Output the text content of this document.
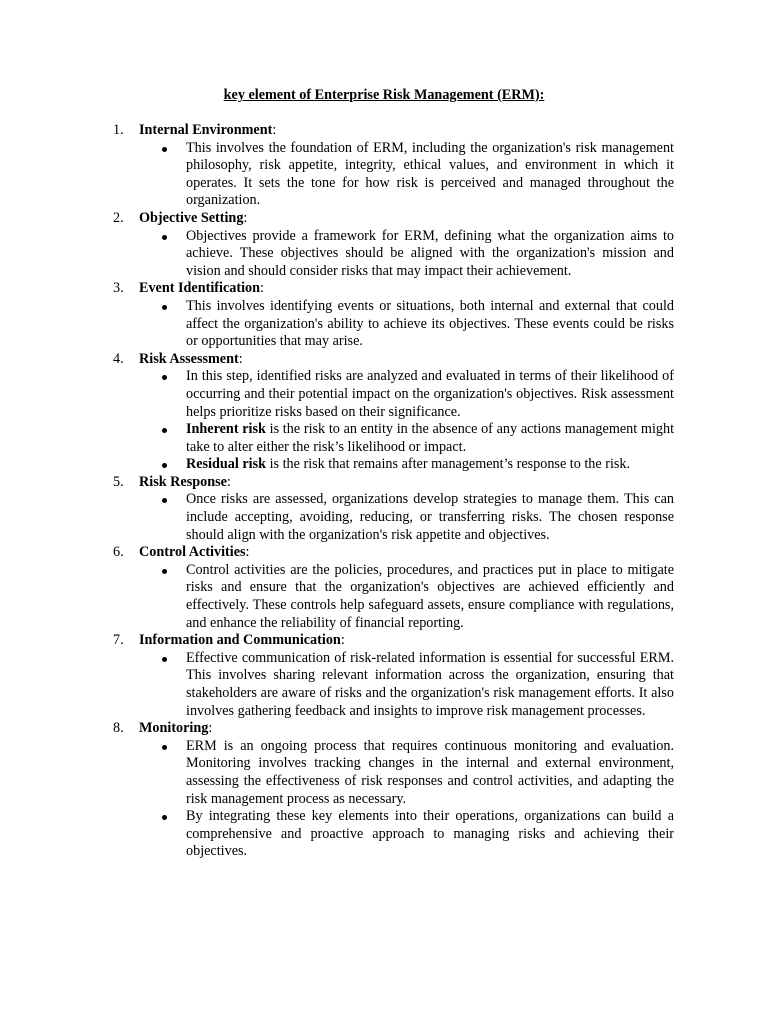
key element of Enterprise Risk Management (ERM):
1. Internal Environment:
This involves the foundation of ERM, including the organization's risk management philosophy, risk appetite, integrity, ethical values, and environment in which it operates. It sets the tone for how risk is perceived and managed throughout the organization.
2. Objective Setting:
Objectives provide a framework for ERM, defining what the organization aims to achieve. These objectives should be aligned with the organization's mission and vision and should consider risks that may impact their achievement.
3. Event Identification:
This involves identifying events or situations, both internal and external that could affect the organization's ability to achieve its objectives. These events could be risks or opportunities that may arise.
4. Risk Assessment:
In this step, identified risks are analyzed and evaluated in terms of their likelihood of occurring and their potential impact on the organization's objectives. Risk assessment helps prioritize risks based on their significance.
Inherent risk is the risk to an entity in the absence of any actions management might take to alter either the risk’s likelihood or impact.
Residual risk is the risk that remains after management’s response to the risk.
5. Risk Response:
Once risks are assessed, organizations develop strategies to manage them. This can include accepting, avoiding, reducing, or transferring risks. The chosen response should align with the organization's risk appetite and objectives.
6. Control Activities:
Control activities are the policies, procedures, and practices put in place to mitigate risks and ensure that the organization's objectives are achieved efficiently and effectively. These controls help safeguard assets, ensure compliance with regulations, and enhance the reliability of financial reporting.
7. Information and Communication:
Effective communication of risk-related information is essential for successful ERM. This involves sharing relevant information across the organization, ensuring that stakeholders are aware of risks and the organization's risk management efforts. It also involves gathering feedback and insights to improve risk management processes.
8. Monitoring:
ERM is an ongoing process that requires continuous monitoring and evaluation. Monitoring involves tracking changes in the internal and external environment, assessing the effectiveness of risk responses and control activities, and adapting the risk management process as necessary.
By integrating these key elements into their operations, organizations can build a comprehensive and proactive approach to managing risks and achieving their objectives.
